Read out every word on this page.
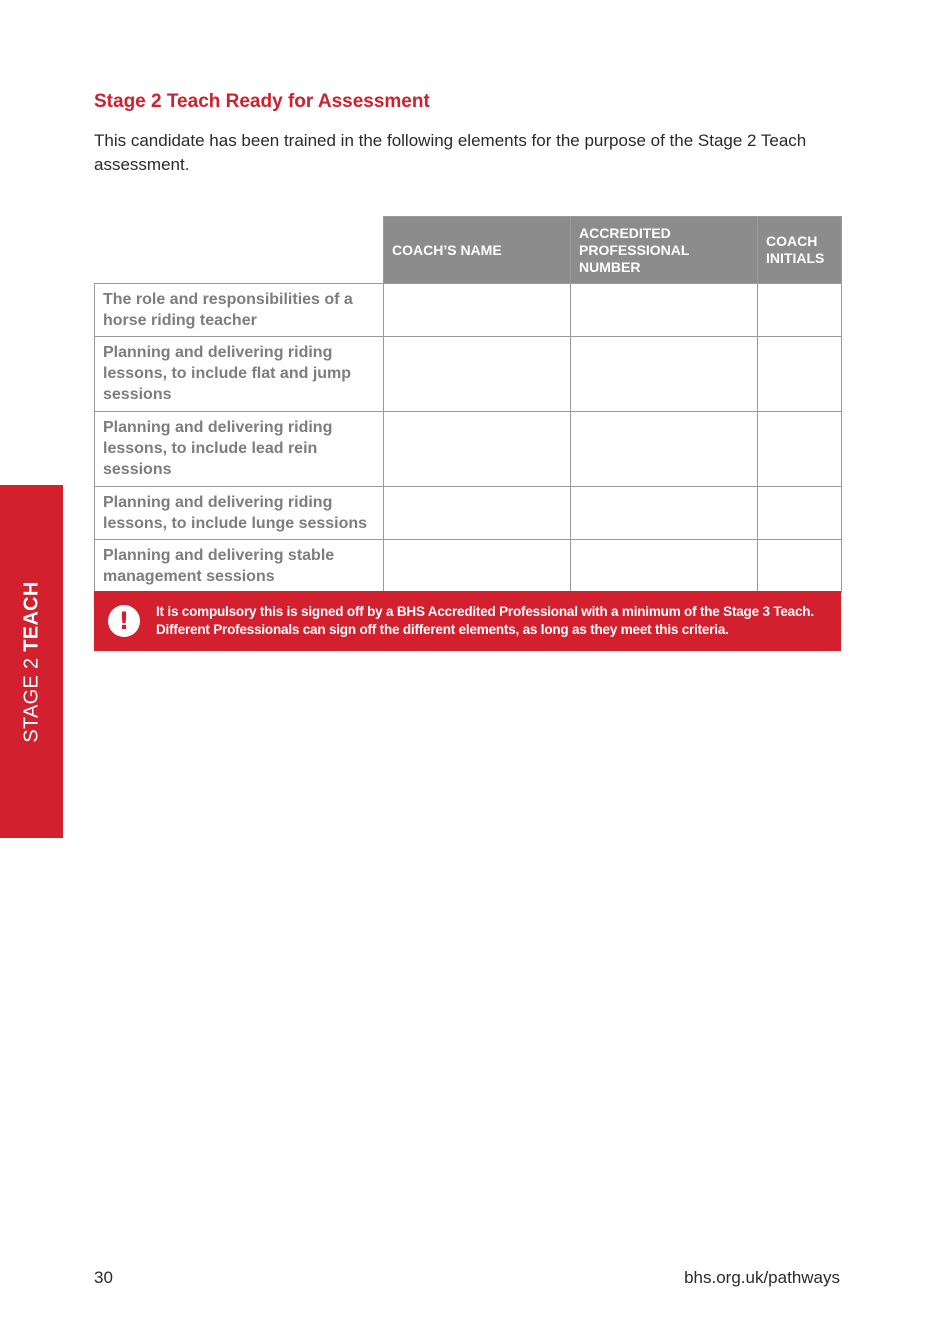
Stage 2 Teach Ready for Assessment
This candidate has been trained in the following elements for the purpose of the Stage 2 Teach assessment.
	COACH’S NAME	ACCREDITED PROFESSIONAL NUMBER	COACH INITIALS
The role and responsibilities of a horse riding teacher			
Planning and delivering riding lessons, to include flat and jump sessions			
Planning and delivering riding lessons, to include lead rein sessions			
Planning and delivering riding lessons, to include lunge sessions			
Planning and delivering stable management sessions			
!	It is compulsory this is signed off by a BHS Accredited Professional with a minimum of the Stage 3 Teach. Different Professionals can sign off the different elements, as long as they meet this criteria.
STAGE 2 TEACH
30	bhs.org.uk/pathways
